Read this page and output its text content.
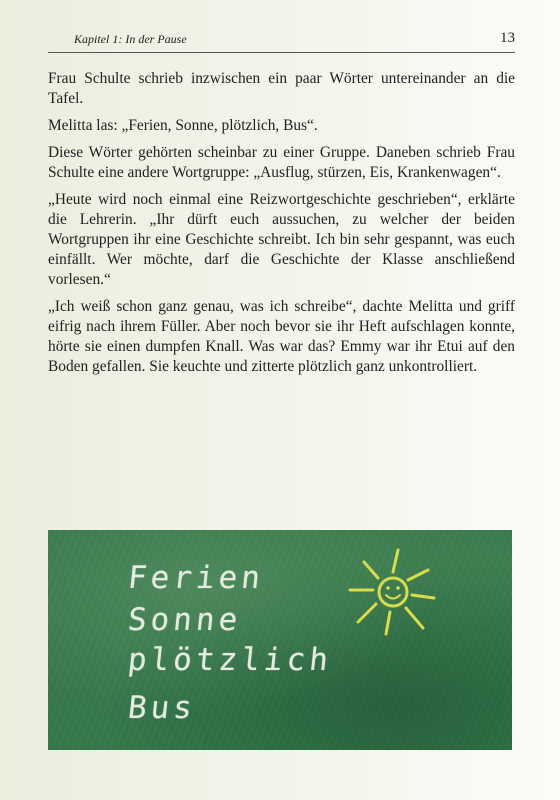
Kapitel 1: In der Pause	13

Frau Schulte schrieb inzwischen ein paar Wörter untereinander an die Tafel.

Melitta las: „Ferien, Sonne, plötzlich, Bus“.

Diese Wörter gehörten scheinbar zu einer Gruppe. Daneben schrieb Frau Schulte eine andere Wortgruppe: „Ausflug, stürzen, Eis, Krankenwagen“.

„Heute wird noch einmal eine Reizwortgeschichte geschrieben“, erklärte die Lehrerin. „Ihr dürft euch aussuchen, zu welcher der beiden Wortgruppen ihr eine Geschichte schreibt. Ich bin sehr gespannt, was euch einfällt. Wer möchte, darf die Geschichte der Klasse anschließend vorlesen.“

„Ich weiß schon ganz genau, was ich schreibe“, dachte Melitta und griff eifrig nach ihrem Füller. Aber noch bevor sie ihr Heft aufschlagen konnte, hörte sie einen dumpfen Knall. Was war das? Emmy war ihr Etui auf den Boden gefallen. Sie keuchte und zitterte plötzlich ganz unkontrolliert.

Ferien
Sonne
plötzlich
Bus
